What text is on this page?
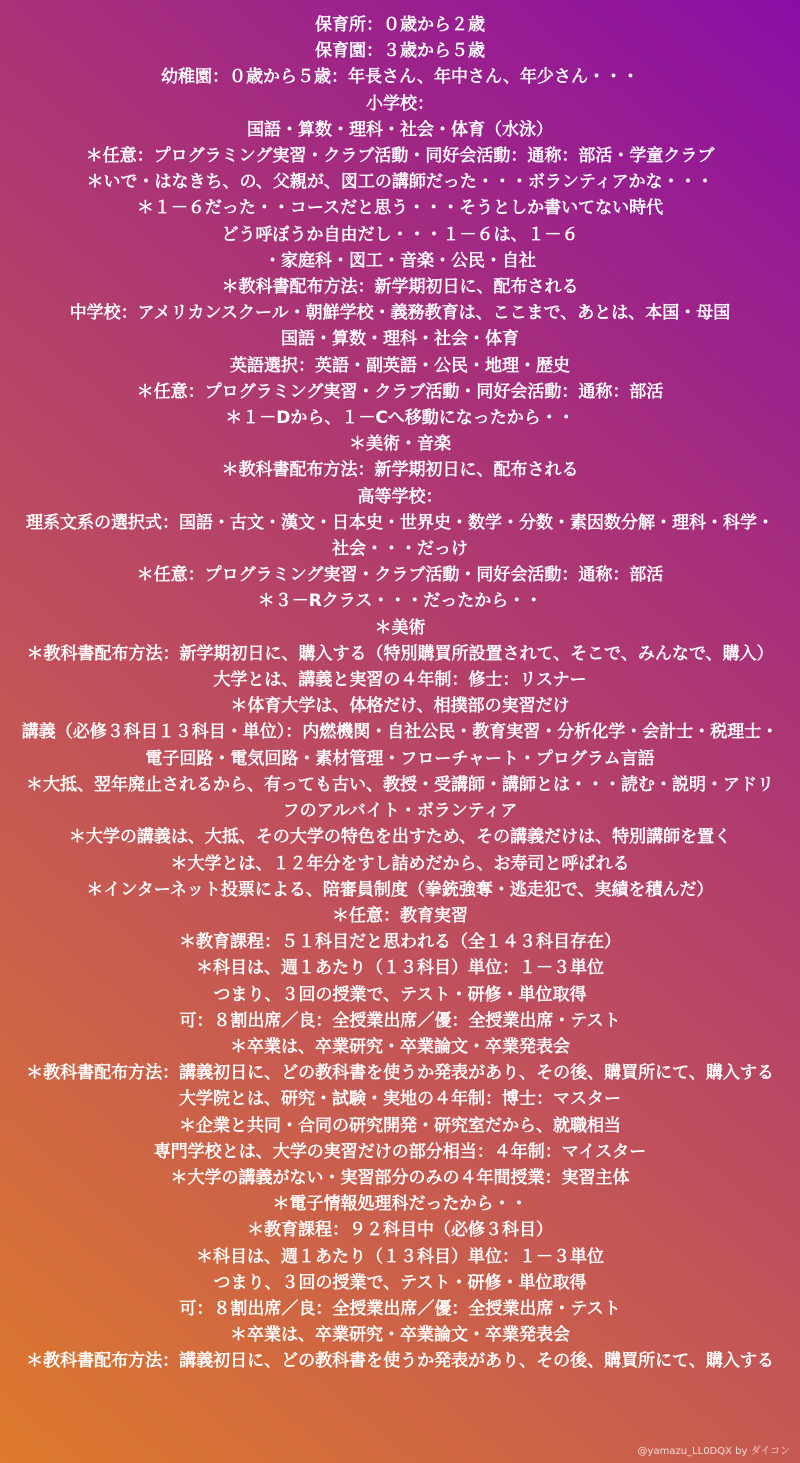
保育所：０歳から２歳
保育園：３歳から５歳
幼稚園：０歳から５歳：年長さん、年中さん、年少さん・・・
小学校：
国語・算数・理科・社会・体育（水泳）
＊任意：プログラミング実習・クラブ活動・同好会活動：通称：部活・学童クラブ
＊いで・はなきち、の、父親が、図工の講師だった・・・ボランティアかな・・・
＊１－６だった・・コースだと思う・・・そうとしか書いてない時代
どう呼ぼうか自由だし・・・１－６は、１－６
・家庭科・図工・音楽・公民・自社
＊教科書配布方法：新学期初日に、配布される
中学校：アメリカンスクール・朝鮮学校・義務教育は、ここまで、あとは、本国・母国
国語・算数・理科・社会・体育
英語選択：英語・副英語・公民・地理・歴史
＊任意：プログラミング実習・クラブ活動・同好会活動：通称：部活
＊１－Dから、１－Cへ移動になったから・・
＊美術・音楽
＊教科書配布方法：新学期初日に、配布される
高等学校：
理系文系の選択式：国語・古文・漢文・日本史・世界史・数学・分数・素因数分解・理科・科学・社会・・・だっけ
＊任意：プログラミング実習・クラブ活動・同好会活動：通称：部活
＊３－Rクラス・・・だったから・・
＊美術
＊教科書配布方法：新学期初日に、購入する（特別購買所設置されて、そこで、みんなで、購入）
大学とは、講義と実習の４年制：修士：リスナー
＊体育大学は、体格だけ、相撲部の実習だけ
講義（必修３科目１３科目・単位）：内燃機関・自社公民・教育実習・分析化学・会計士・税理士・電子回路・電気回路・素材管理・フローチャート・プログラム言語
＊大抵、翌年廃止されるから、有っても古い、教授・受講師・講師とは・・・読む・説明・アドリフのアルバイト・ボランティア
＊大学の講義は、大抵、その大学の特色を出すため、その講義だけは、特別講師を置く
＊大学とは、１２年分をすし詰めだから、お寿司と呼ばれる
＊インターネット投票による、陪審員制度（拳銃強奪・逃走犯で、実績を積んだ）
＊任意：教育実習
＊教育課程：５１科目だと思われる（全１４３科目存在）
＊科目は、週１あたり（１３科目）単位：１－３単位
つまり、３回の授業で、テスト・研修・単位取得
可：８割出席／良：全授業出席／優：全授業出席・テスト
＊卒業は、卒業研究・卒業論文・卒業発表会
＊教科書配布方法：講義初日に、どの教科書を使うか発表があり、その後、購買所にて、購入する
大学院とは、研究・試験・実地の４年制：博士：マスター
＊企業と共同・合同の研究開発・研究室だから、就職相当
専門学校とは、大学の実習だけの部分相当：４年制：マイスター
＊大学の講義がない・実習部分のみの４年間授業：実習主体
＊電子情報処理科だったから・・
＊教育課程：９２科目中（必修３科目）
＊科目は、週１あたり（１３科目）単位：１－３単位
つまり、３回の授業で、テスト・研修・単位取得
可：８割出席／良：全授業出席／優：全授業出席・テスト
＊卒業は、卒業研究・卒業論文・卒業発表会
＊教科書配布方法：講義初日に、どの教科書を使うか発表があり、その後、購買所にて、購入する
@yamazu_LL0DQX by ダイコン
